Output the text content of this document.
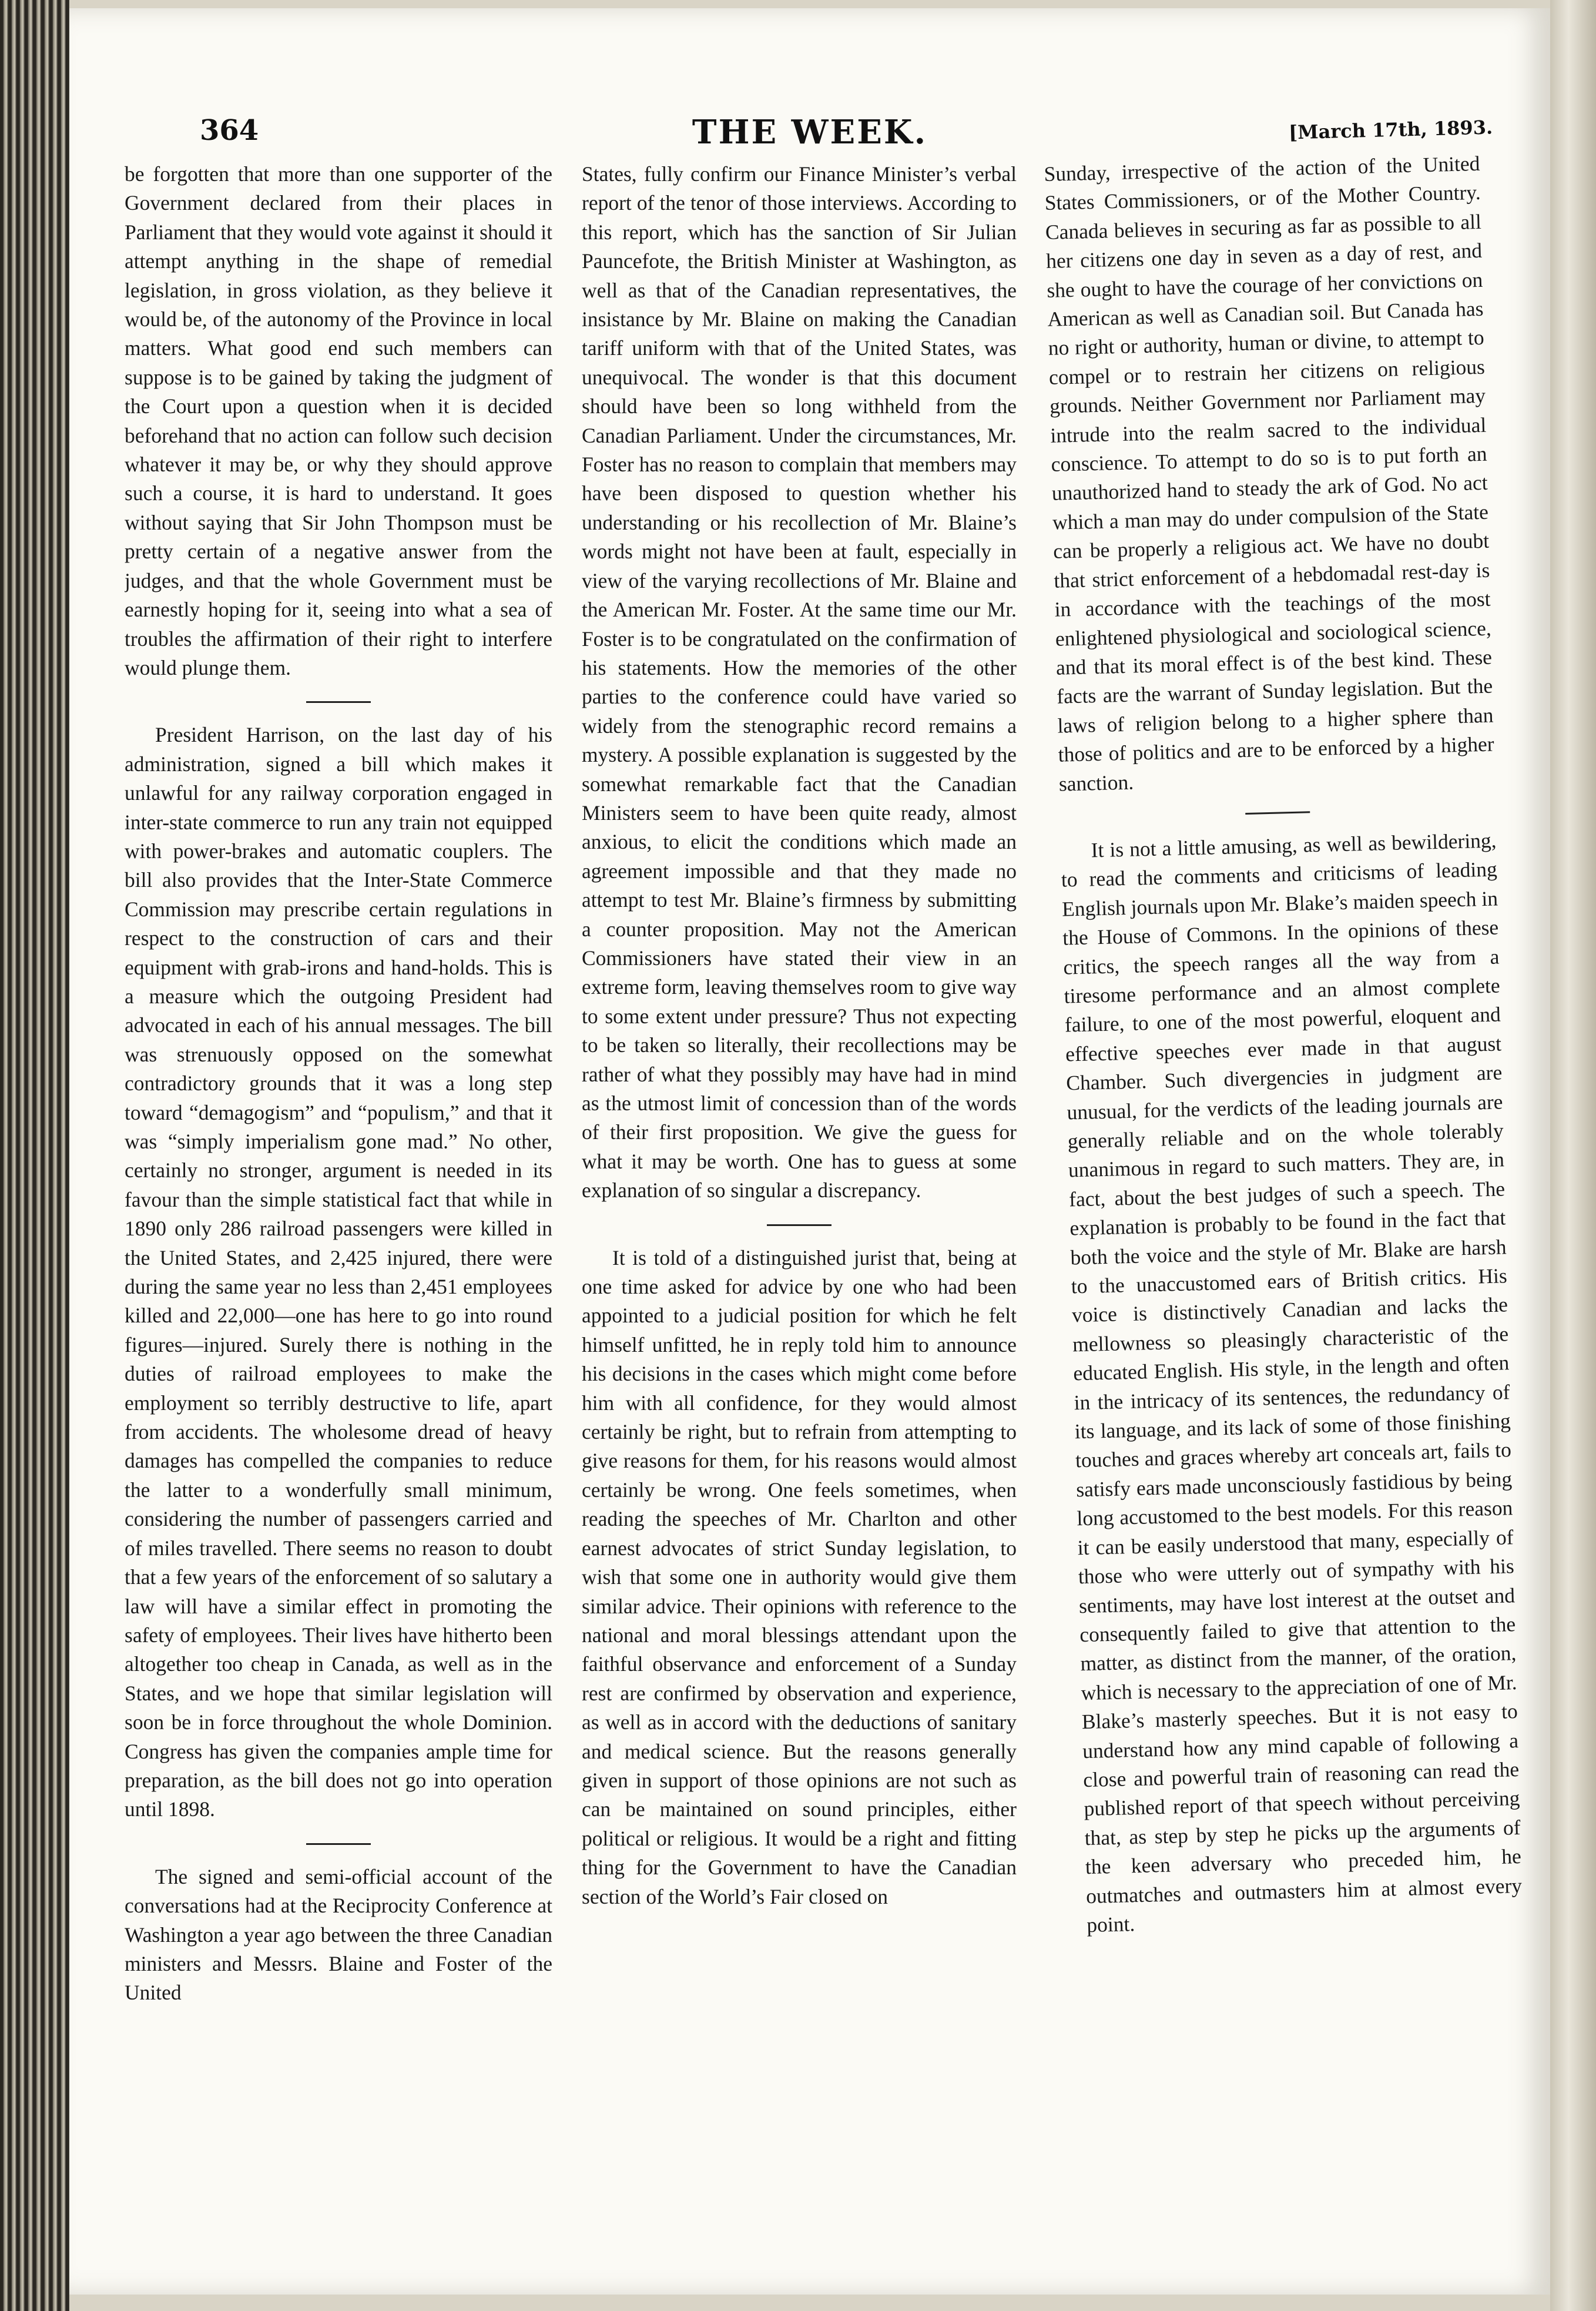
364	THE WEEK.	[March 17th, 1893.

be forgotten that more than one supporter of the Government declared from their places in Parliament that they would vote against it should it attempt anything in the shape of remedial legislation, in gross violation, as they believe it would be, of the autonomy of the Province in local matters. What good end such members can suppose is to be gained by taking the judgment of the Court upon a question when it is decided beforehand that no action can follow such decision whatever it may be, or why they should approve such a course, it is hard to understand. It goes without saying that Sir John Thompson must be pretty certain of a negative answer from the judges, and that the whole Government must be earnestly hoping for it, seeing into what a sea of troubles the affirmation of their right to interfere would plunge them.

President Harrison, on the last day of his administration, signed a bill which makes it unlawful for any railway corporation engaged in inter-state commerce to run any train not equipped with power-brakes and automatic couplers. The bill also provides that the Inter-State Commerce Commission may prescribe certain regulations in respect to the construction of cars and their equipment with grab-irons and hand-holds. This is a measure which the outgoing President had advocated in each of his annual messages. The bill was strenuously opposed on the somewhat contradictory grounds that it was a long step toward “demagogism” and “populism,” and that it was “simply imperialism gone mad.” No other, certainly no stronger, argument is needed in its favour than the simple statistical fact that while in 1890 only 286 railroad passengers were killed in the United States, and 2,425 injured, there were during the same year no less than 2,451 employees killed and 22,000—one has here to go into round figures—injured. Surely there is nothing in the duties of railroad employees to make the employment so terribly destructive to life, apart from accidents. The wholesome dread of heavy damages has compelled the companies to reduce the latter to a wonderfully small minimum, considering the number of passengers carried and of miles travelled. There seems no reason to doubt that a few years of the enforcement of so salutary a law will have a similar effect in promoting the safety of employees. Their lives have hitherto been altogether too cheap in Canada, as well as in the States, and we hope that similar legislation will soon be in force throughout the whole Dominion. Congress has given the companies ample time for preparation, as the bill does not go into operation until 1898.

The signed and semi-official account of the conversations had at the Reciprocity Conference at Washington a year ago between the three Canadian ministers and Messrs. Blaine and Foster of the United

States, fully confirm our Finance Minister’s verbal report of the tenor of those interviews. According to this report, which has the sanction of Sir Julian Pauncefote, the British Minister at Washington, as well as that of the Canadian representatives, the insistance by Mr. Blaine on making the Canadian tariff uniform with that of the United States, was unequivocal. The wonder is that this document should have been so long withheld from the Canadian Parliament. Under the circumstances, Mr. Foster has no reason to complain that members may have been disposed to question whether his understanding or his recollection of Mr. Blaine’s words might not have been at fault, especially in view of the varying recollections of Mr. Blaine and the American Mr. Foster. At the same time our Mr. Foster is to be congratulated on the confirmation of his statements. How the memories of the other parties to the conference could have varied so widely from the stenographic record remains a mystery. A possible explanation is suggested by the somewhat remarkable fact that the Canadian Ministers seem to have been quite ready, almost anxious, to elicit the conditions which made an agreement impossible and that they made no attempt to test Mr. Blaine’s firmness by submitting a counter proposition. May not the American Commissioners have stated their view in an extreme form, leaving themselves room to give way to some extent under pressure? Thus not expecting to be taken so literally, their recollections may be rather of what they possibly may have had in mind as the utmost limit of concession than of the words of their first proposition. We give the guess for what it may be worth. One has to guess at some explanation of so singular a discrepancy.

It is told of a distinguished jurist that, being at one time asked for advice by one who had been appointed to a judicial position for which he felt himself unfitted, he in reply told him to announce his decisions in the cases which might come before him with all confidence, for they would almost certainly be right, but to refrain from attempting to give reasons for them, for his reasons would almost certainly be wrong. One feels sometimes, when reading the speeches of Mr. Charlton and other earnest advocates of strict Sunday legislation, to wish that some one in authority would give them similar advice. Their opinions with reference to the national and moral blessings attendant upon the faithful observance and enforcement of a Sunday rest are confirmed by observation and experience, as well as in accord with the deductions of sanitary and medical science. But the reasons generally given in support of those opinions are not such as can be maintained on sound principles, either political or religious. It would be a right and fitting thing for the Government to have the Canadian section of the World’s Fair closed on

Sunday, irrespective of the action of the United States Commissioners, or of the Mother Country. Canada believes in securing as far as possible to all her citizens one day in seven as a day of rest, and she ought to have the courage of her convictions on American as well as Canadian soil. But Canada has no right or authority, human or divine, to attempt to compel or to restrain her citizens on religious grounds. Neither Government nor Parliament may intrude into the realm sacred to the individual conscience. To attempt to do so is to put forth an unauthorized hand to steady the ark of God. No act which a man may do under compulsion of the State can be properly a religious act. We have no doubt that strict enforcement of a hebdomadal rest-day is in accordance with the teachings of the most enlightened physiological and sociological science, and that its moral effect is of the best kind. These facts are the warrant of Sunday legislation. But the laws of religion belong to a higher sphere than those of politics and are to be enforced by a higher sanction.

It is not a little amusing, as well as bewildering, to read the comments and criticisms of leading English journals upon Mr. Blake’s maiden speech in the House of Commons. In the opinions of these critics, the speech ranges all the way from a tiresome performance and an almost complete failure, to one of the most powerful, eloquent and effective speeches ever made in that august Chamber. Such divergencies in judgment are unusual, for the verdicts of the leading journals are generally reliable and on the whole tolerably unanimous in regard to such matters. They are, in fact, about the best judges of such a speech. The explanation is probably to be found in the fact that both the voice and the style of Mr. Blake are harsh to the unaccustomed ears of British critics. His voice is distinctively Canadian and lacks the mellowness so pleasingly characteristic of the educated English. His style, in the length and often in the intricacy of its sentences, the redundancy of its language, and its lack of some of those finishing touches and graces whereby art conceals art, fails to satisfy ears made unconsciously fastidious by being long accustomed to the best models. For this reason it can be easily understood that many, especially of those who were utterly out of sympathy with his sentiments, may have lost interest at the outset and consequently failed to give that attention to the matter, as distinct from the manner, of the oration, which is necessary to the appreciation of one of Mr. Blake’s masterly speeches. But it is not easy to understand how any mind capable of following a close and powerful train of reasoning can read the published report of that speech without perceiving that, as step by step he picks up the arguments of the keen adversary who preceded him, he outmatches and outmasters him at almost every point.
